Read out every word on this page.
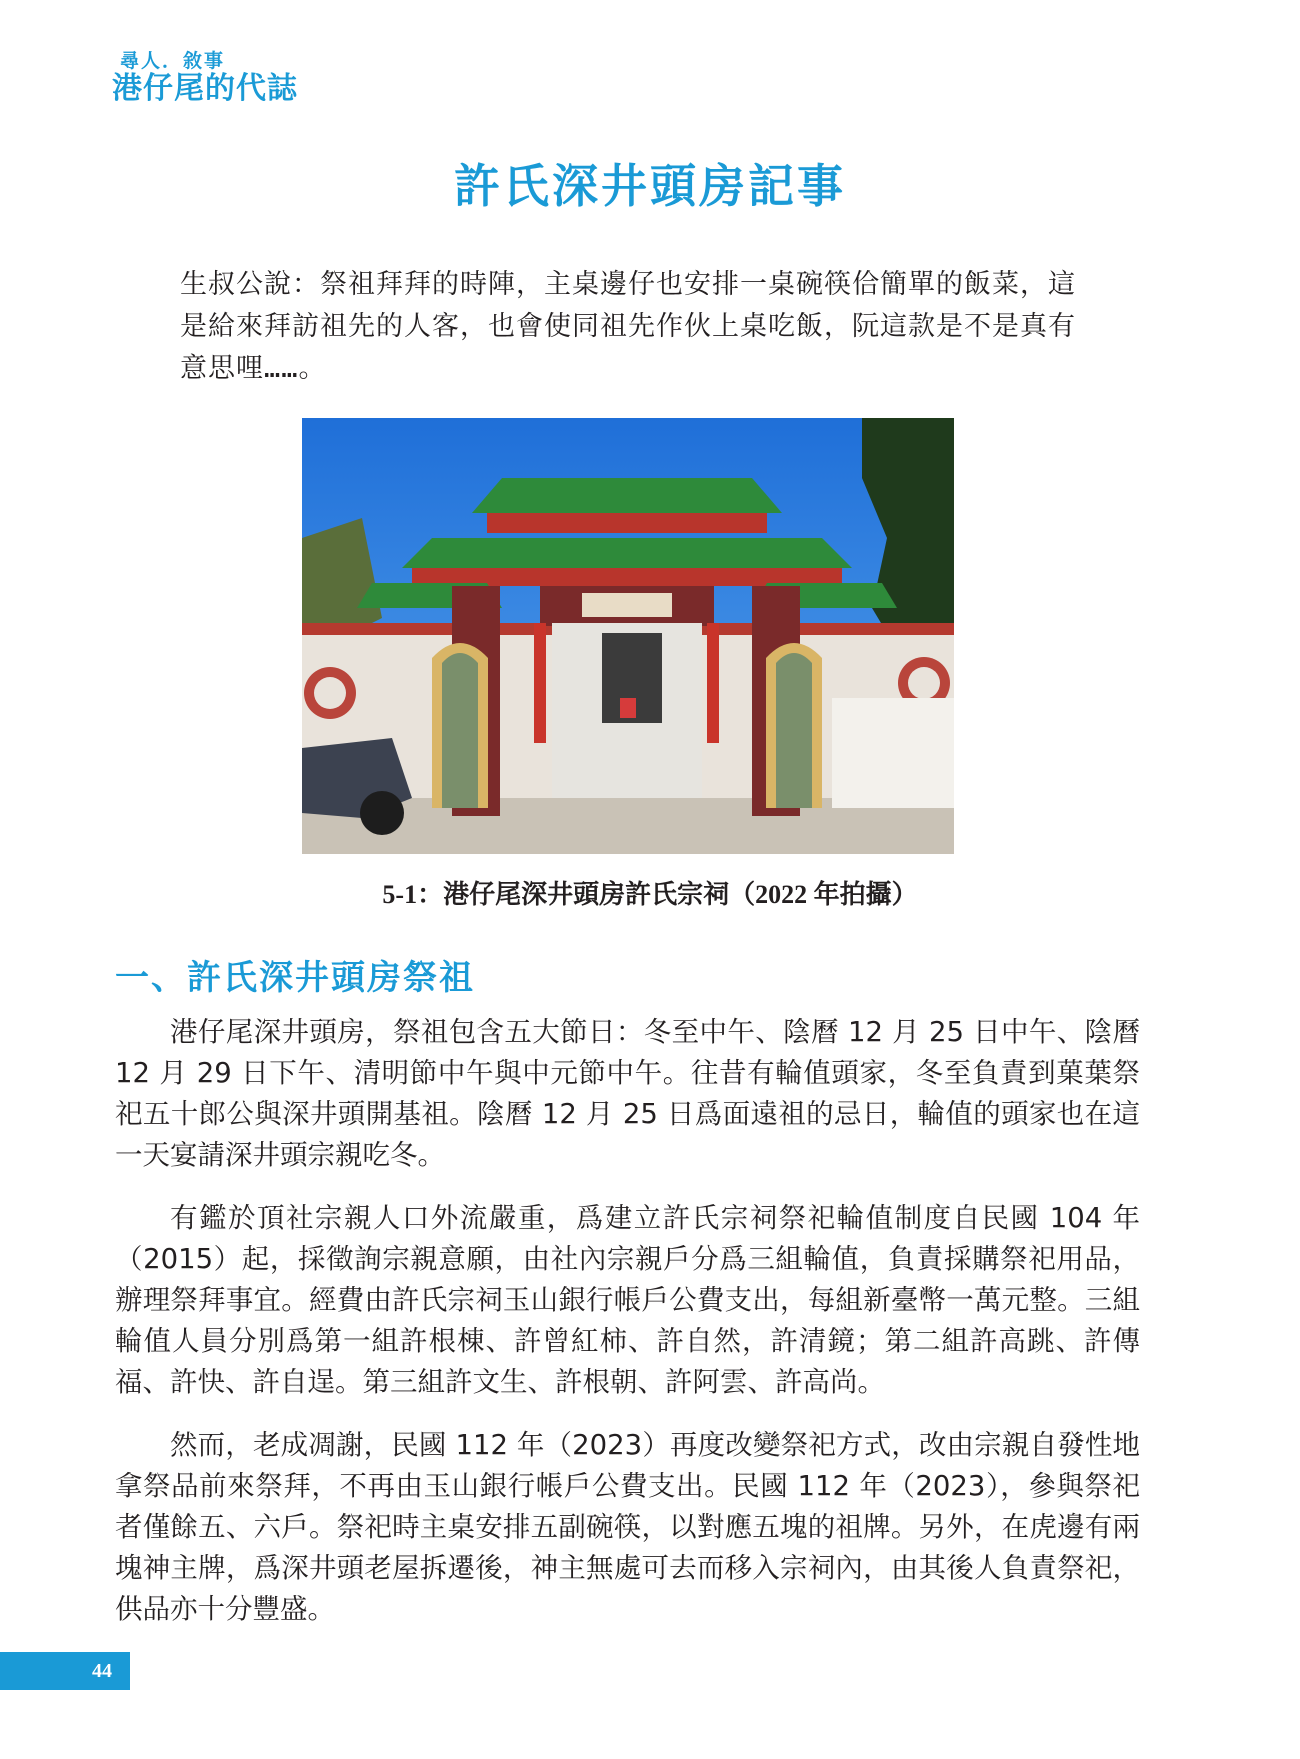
尋人．敘事
港仔尾的代誌
許氏深井頭房記事

生叔公說：祭祖拜拜的時陣，主桌邊仔也安排一桌碗筷佮簡單的飯菜，這

是給來拜訪祖先的人客，也會使同祖先作伙上桌吃飯，阮這款是不是真有

意思哩……。

5-1：港仔尾深井頭房許氏宗祠（2022 年拍攝）
一、許氏深井頭房祭祖

港仔尾深井頭房，祭祖包含五大節日：冬至中午、陰曆 12 月 25 日中午、陰曆 12 月 29 日下午、清明節中午與中元節中午。往昔有輪值頭家，冬至負責到菓葉祭祀五十郎公與深井頭開基祖。陰曆 12 月 25 日爲面遠祖的忌日，輪值的頭家也在這一天宴請深井頭宗親吃冬。

有鑑於頂社宗親人口外流嚴重，爲建立許氏宗祠祭祀輪值制度自民國 104 年（2015）起，採徵詢宗親意願，由社內宗親戶分爲三組輪值，負責採購祭祀用品，辦理祭拜事宜。經費由許氏宗祠玉山銀行帳戶公費支出，每組新臺幣一萬元整。三組輪值人員分別爲第一組許根棟、許曾紅柿、許自然，許清鏡；第二組許高跳、許傳福、許快、許自逞。第三組許文生、許根朝、許阿雲、許高尚。

然而，老成凋謝，民國 112 年（2023）再度改變祭祀方式，改由宗親自發性地拿祭品前來祭拜，不再由玉山銀行帳戶公費支出。民國 112 年（2023），參與祭祀者僅餘五、六戶。祭祀時主桌安排五副碗筷，以對應五塊的祖牌。另外，在虎邊有兩塊神主牌，爲深井頭老屋拆遷後，神主無處可去而移入宗祠內，由其後人負責祭祀，供品亦十分豐盛。

44
